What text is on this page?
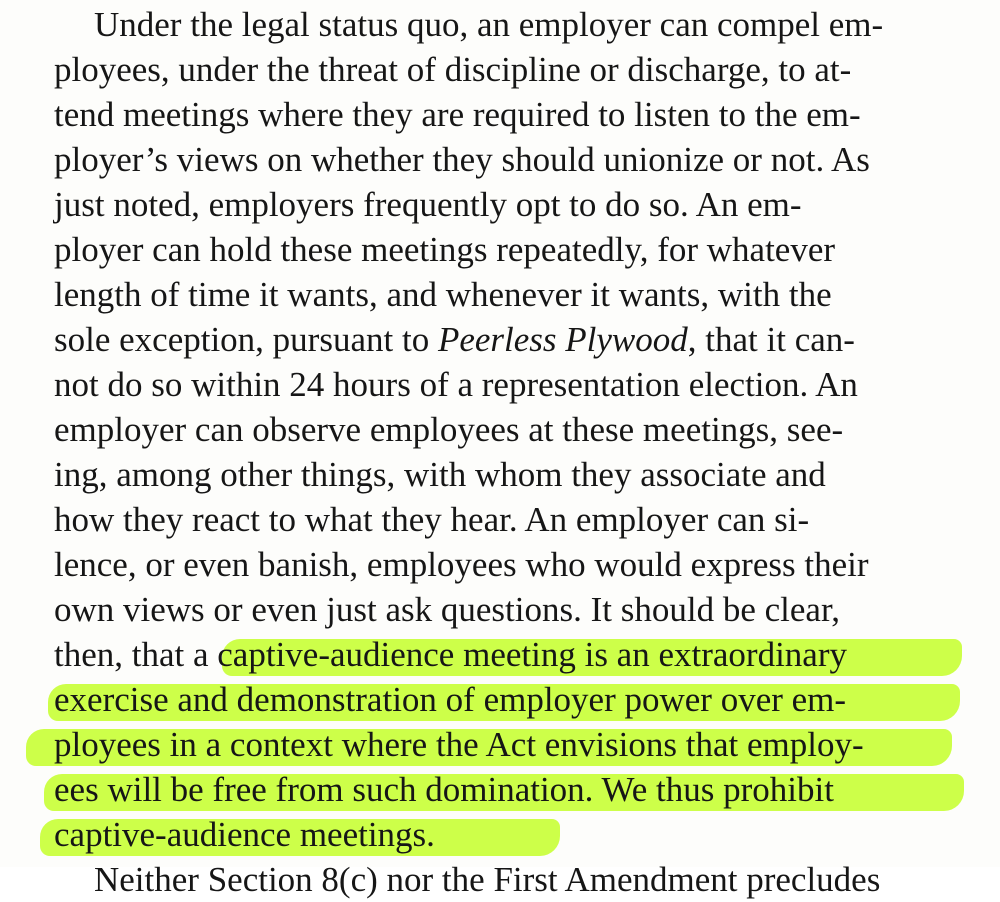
Under the legal status quo, an employer can compel em-
ployees, under the threat of discipline or discharge, to at-
tend meetings where they are required to listen to the em-
ployer’s views on whether they should unionize or not. As
just noted, employers frequently opt to do so. An em-
ployer can hold these meetings repeatedly, for whatever
length of time it wants, and whenever it wants, with the
sole exception, pursuant to Peerless Plywood, that it can-
not do so within 24 hours of a representation election. An
employer can observe employees at these meetings, see-
ing, among other things, with whom they associate and
how they react to what they hear. An employer can si-
lence, or even banish, employees who would express their
own views or even just ask questions. It should be clear,
then, that a captive-audience meeting is an extraordinary
exercise and demonstration of employer power over em-
ployees in a context where the Act envisions that employ-
ees will be free from such domination. We thus prohibit
captive-audience meetings.
Neither Section 8(c) nor the First Amendment precludes
